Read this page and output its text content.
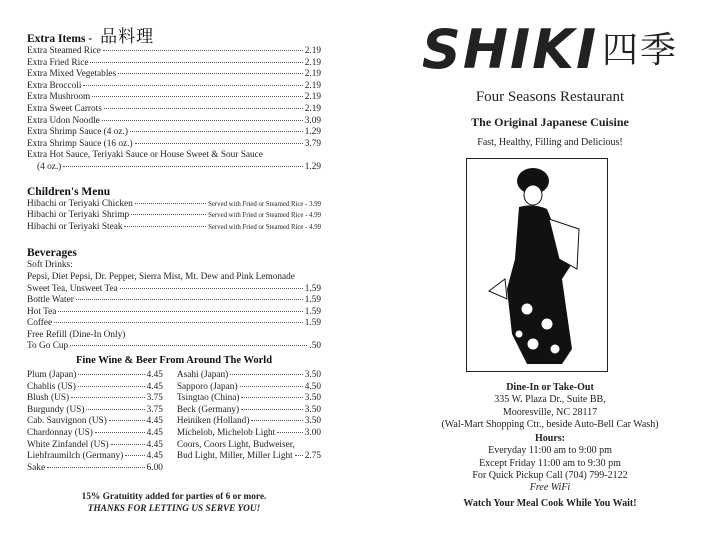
Extra Items - 品料理
Extra Steamed Rice	2.19
Extra Fried Rice	2.19
Extra Mixed Vegetables	2.19
Extra Broccoli	2.19
Extra Mushroom	2.19
Extra Sweet Carrots	2.19
Extra Udon Noodle	3.09
Extra Shrimp Sauce (4 oz.)	1.29
Extra Shrimp Sauce (16 oz.)	3.79
Extra Hot Sauce, Teriyaki Sauce or House Sweet & Sour Sauce
(4 oz.)	1.29
Children's Menu
Hibachi or Teriyaki Chicken	Served with Fried or Steamed Rice - 3.99
Hibachi or Teriyaki Shrimp	Served with Fried or Steamed Rice - 4.99
Hibachi or Teriyaki Steak	Served with Fried or Steamed Rice - 4.99
Beverages
Soft Drinks:
Pepsi, Diet Pepsi, Dr. Pepper, Sierra Mist, Mt. Dew and Pink Lemonade
Sweet Tea, Unsweet Tea	1.59
Bottle Water	1.59
Hot Tea	1.59
Coffee	1.59
Free Refill (Dine-In Only)
To Go Cup	.50
Fine Wine & Beer From Around The World
Plum (Japan)	4.45
Chablis (US)	4.45
Blush (US)	3.75
Burgundy (US)	3.75
Cab. Sauvignon (US)	4.45
Chardonnay (US)	4.45
White Zinfandel (US)	4.45
Liebfraumilch (Germany)	4.45
Sake	6.00
Asahi (Japan)	3.50
Sapporo (Japan)	4.50
Tsingtao (China)	3.50
Beck (Germany)	3.50
Heiniken (Holland)	3.50
Michelob, Michelob Light	3.00
Coors, Coors Light, Budweiser,
Bud Light, Miller, Miller Light 2.75
15% Gratuitity added for parties of 6 or more.
THANKS FOR LETTING US SERVE YOU!
SHIKI 四季
Four Seasons Restaurant
The Original Japanese Cuisine
Fast, Healthy, Filling and Delicious!
Dine-In or Take-Out
335 W. Plaza Dr., Suite BB,
Mooresville, NC 28117
(Wal-Mart Shopping Ctr., beside Auto-Bell Car Wash)
Hours:
Everyday 11:00 am to 9:00 pm
Except Friday 11:00 am to 9:30 pm
For Quick Pickup Call (704) 799-2122
Free WiFi
Watch Your Meal Cook While You Wait!
